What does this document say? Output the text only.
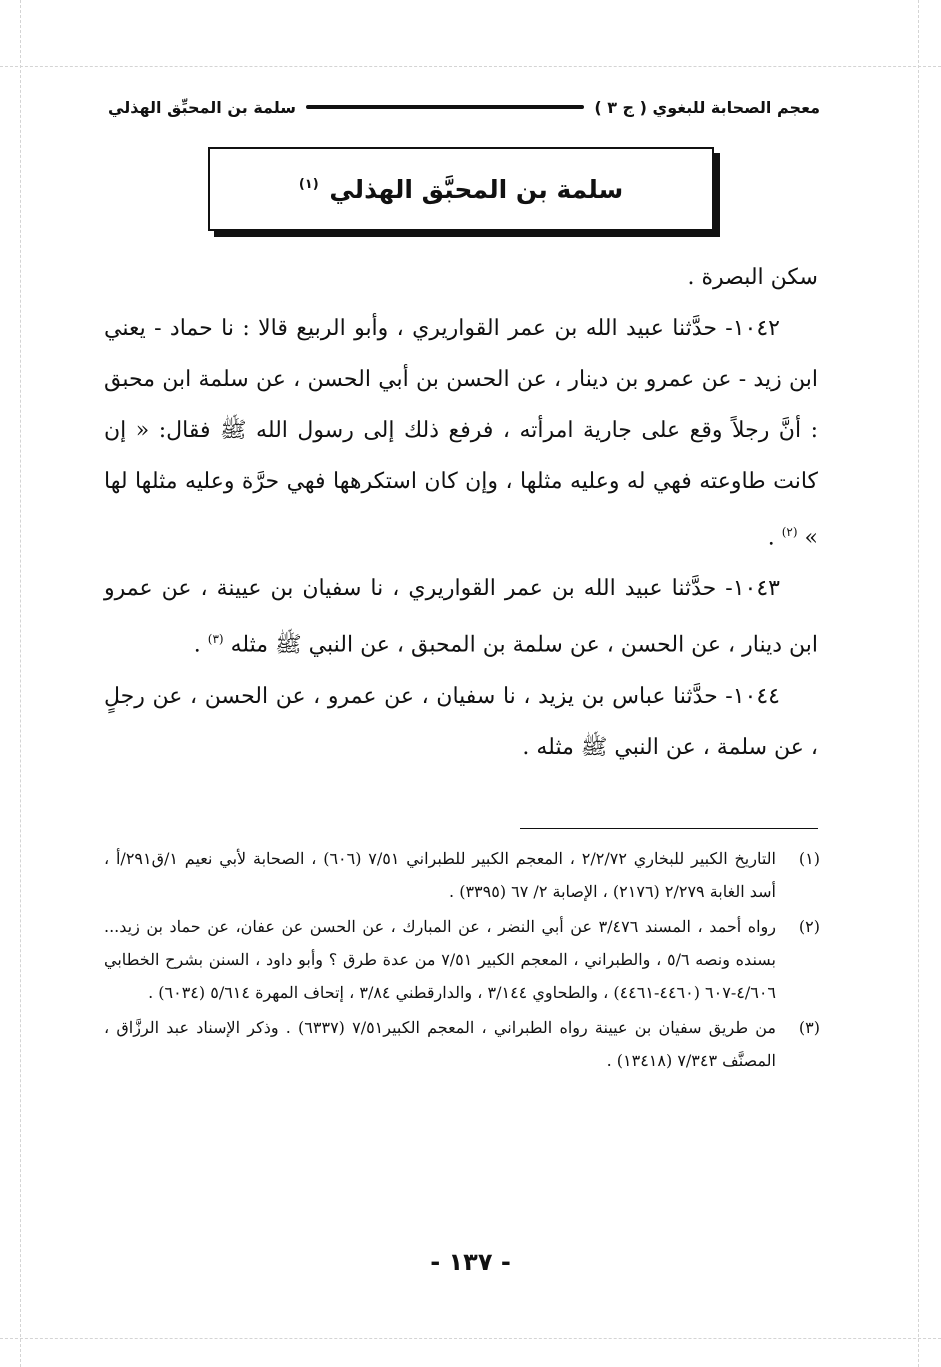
معجم الصحابة للبغوي ( ج ٣ )
سلمة بن المحبِّق الهذلي
سلمة بن المحبَّق الهذلي $^{(١)}$

سكن البصرة .

١٠٤٢- حدَّثنا عبيد الله بن عمر القواريري ، وأبو الربيع قالا : نا حماد - يعني ابن زيد - عن عمرو بن دينار ، عن الحسن بن أبي الحسن ، عن سلمة ابن محبق : أنَّ رجلاً وقع على جارية امرأته ، فرفع ذلك إلى رسول الله ﷺ فقال: « إن كانت طاوعته فهي له وعليه مثلها ، وإن كان استكرهها فهي حرَّة وعليه مثلها لها » $^{(٢)}$ .

١٠٤٣- حدَّثنا عبيد الله بن عمر القواريري ، نا سفيان بن عيينة ، عن عمرو ابن دينار ، عن الحسن ، عن سلمة بن المحبق ، عن النبي ﷺ مثله $^{(٣)}$ .

١٠٤٤- حدَّثنا عباس بن يزيد ، نا سفيان ، عن عمرو ، عن الحسن ، عن رجلٍ ، عن سلمة ، عن النبي ﷺ مثله .

(١)
التاريخ الكبير للبخاري ٢/٢/٧٢ ، المعجم الكبير للطبراني ٧/٥١ (٦٠٦) ، الصحابة لأبي نعيم ١/ق٢٩١/أ ، أسد الغابة ٢/٢٧٩ (٢١٧٦) ، الإصابة ٢/ ٦٧ (٣٣٩٥) .
(٢)
رواه أحمد ، المسند ٣/٤٧٦ عن أبي النضر ، عن المبارك ، عن الحسن عن عفان، عن حماد بن زيد... بسنده ونصه ٥/٦ ، والطبراني ، المعجم الكبير ٧/٥١ من عدة طرق ؟ وأبو داود ، السنن بشرح الخطابي ٤/٦٠٦-٦٠٧ (٤٤٦٠-٤٤٦١) ، والطحاوي ٣/١٤٤ ، والدارقطني ٣/٨٤ ، إتحاف المهرة ٥/٦١٤ (٦٠٣٤) .
(٣)
من طريق سفيان بن عيينة رواه الطبراني ، المعجم الكبير٧/٥١ (٦٣٣٧) . وذكر الإسناد عبد الرزَّاق ، المصنَّف ٧/٣٤٣ (١٣٤١٨) .
- ١٣٧ -
